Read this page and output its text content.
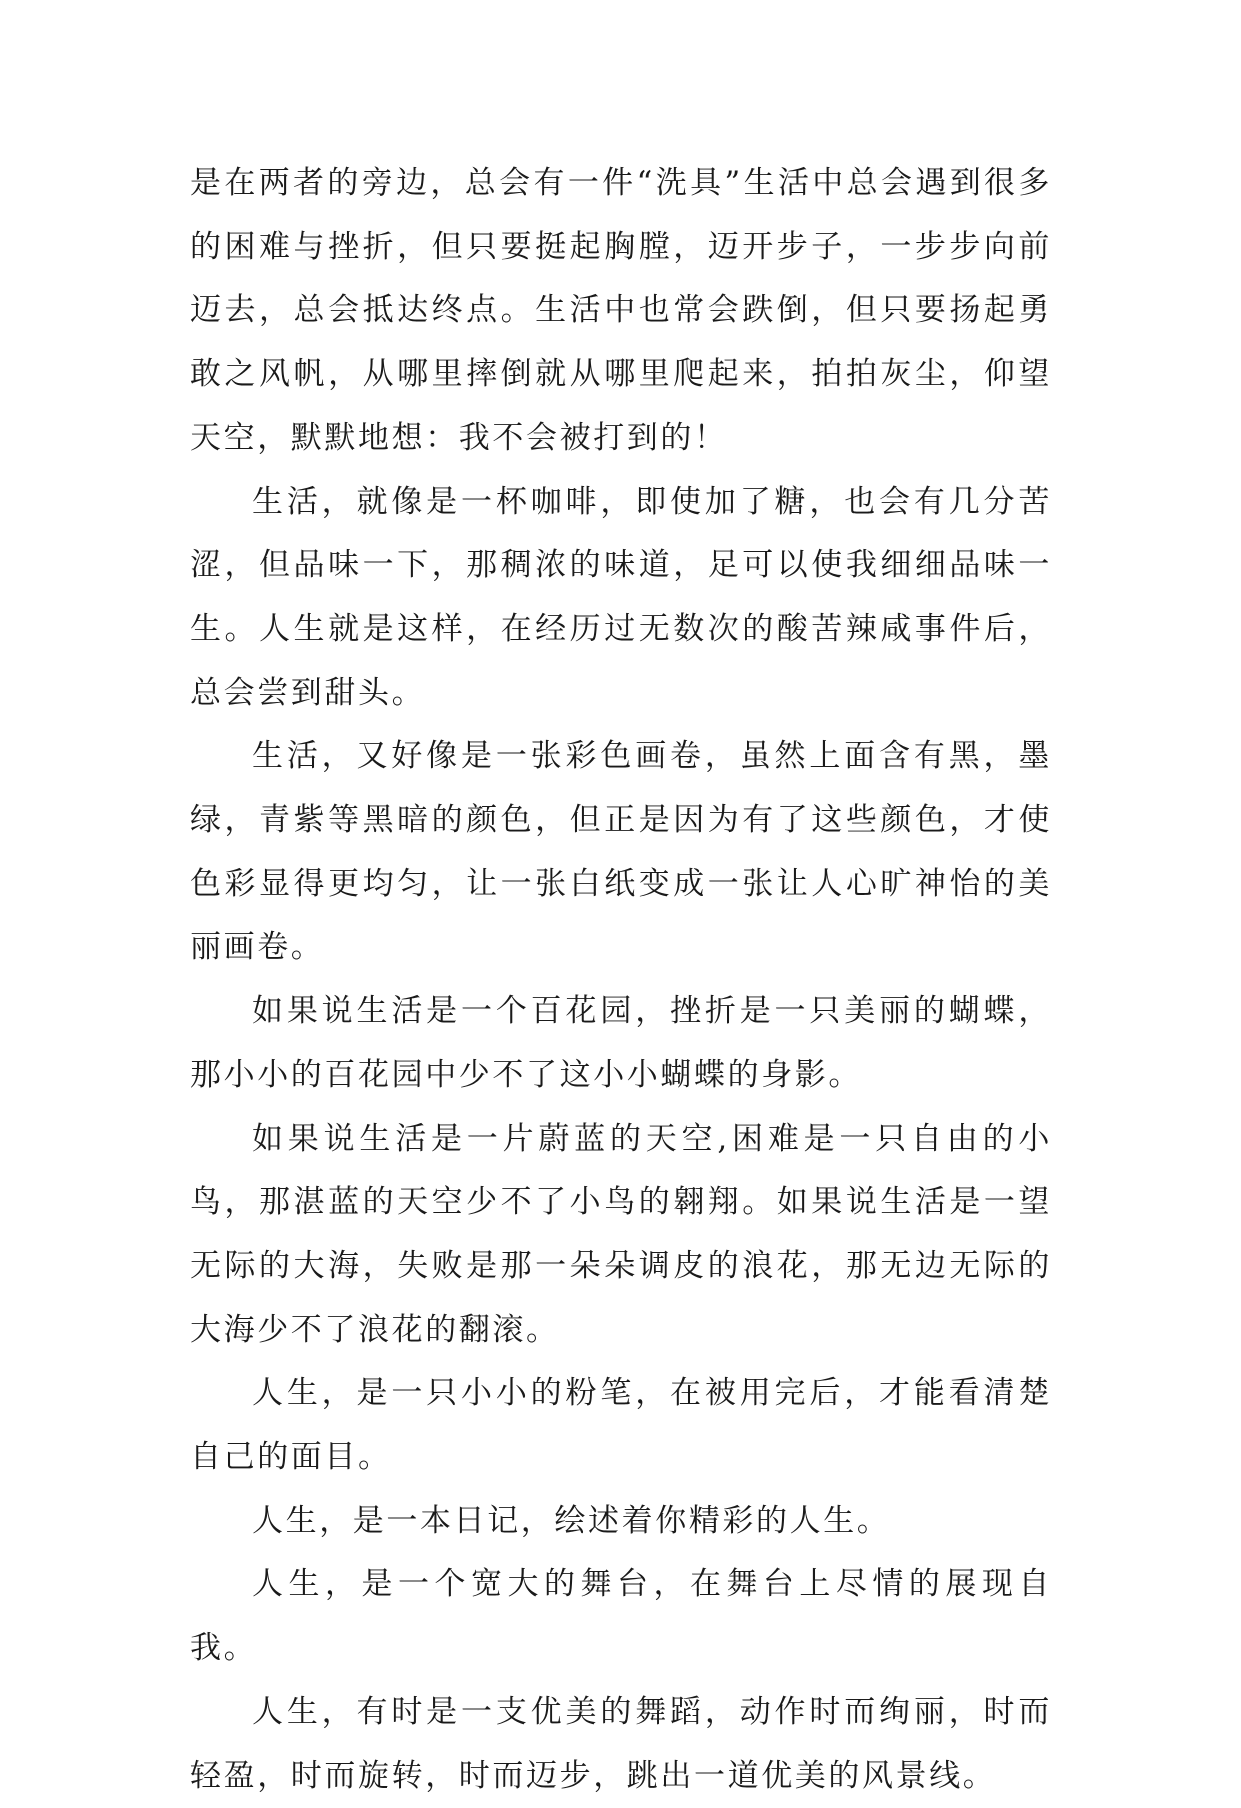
是在两者的旁边，总会有一件“洗具”生活中总会遇到很多的困难与挫折，但只要挺起胸膛，迈开步子，一步步向前迈去，总会抵达终点。生活中也常会跌倒，但只要扬起勇敢之风帆，从哪里摔倒就从哪里爬起来，拍拍灰尘，仰望天空，默默地想：我不会被打到的！

生活，就像是一杯咖啡，即使加了糖，也会有几分苦涩，但品味一下，那稠浓的味道，足可以使我细细品味一生。人生就是这样，在经历过无数次的酸苦辣咸事件后，总会尝到甜头。

生活，又好像是一张彩色画卷，虽然上面含有黑，墨绿，青紫等黑暗的颜色，但正是因为有了这些颜色，才使色彩显得更均匀，让一张白纸变成一张让人心旷神怡的美丽画卷。

如果说生活是一个百花园，挫折是一只美丽的蝴蝶，那小小的百花园中少不了这小小蝴蝶的身影。

如果说生活是一片蔚蓝的天空,困难是一只自由的小鸟，那湛蓝的天空少不了小鸟的翱翔。如果说生活是一望无际的大海，失败是那一朵朵调皮的浪花，那无边无际的大海少不了浪花的翻滚。

人生，是一只小小的粉笔，在被用完后，才能看清楚自己的面目。

人生，是一本日记，绘述着你精彩的人生。

人生，是一个宽大的舞台，在舞台上尽情的展现自我。

人生，有时是一支优美的舞蹈，动作时而绚丽，时而轻盈，时而旋转，时而迈步，跳出一道优美的风景线。
